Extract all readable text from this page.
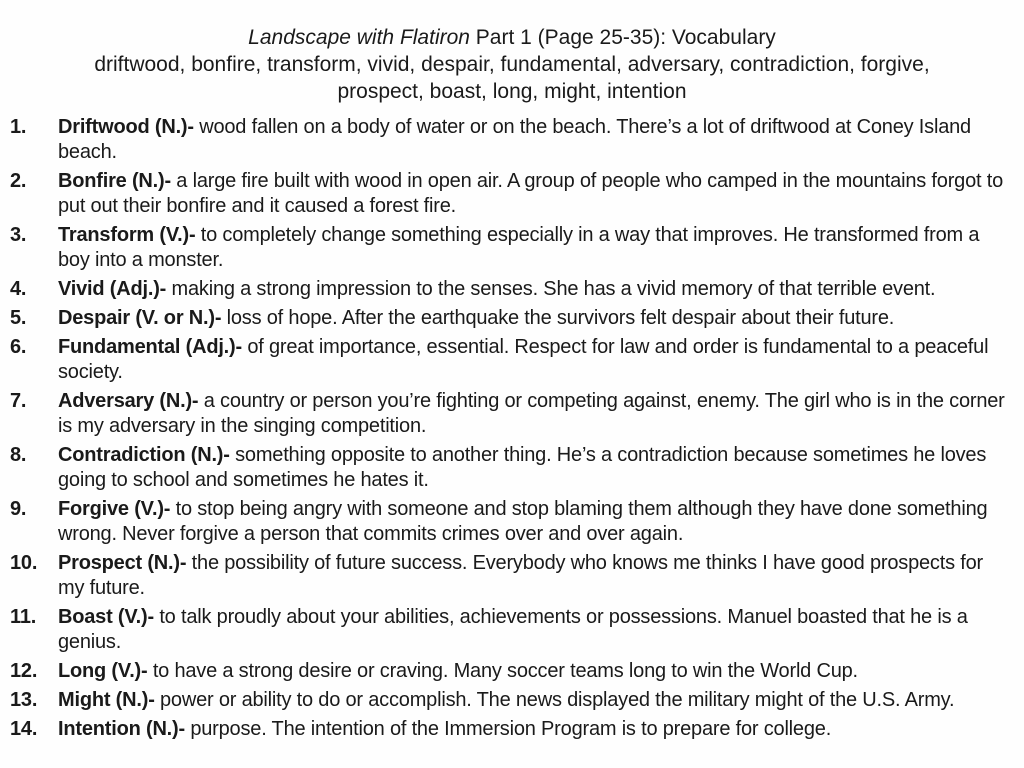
Landscape with Flatiron Part 1 (Page 25-35): Vocabulary

driftwood, bonfire, transform, vivid, despair, fundamental, adversary, contradiction, forgive,

prospect, boast, long, might, intention

1.	Driftwood (N.)- wood fallen on a body of water or on the beach. There’s a lot of driftwood at Coney Island beach.
2.	Bonfire (N.)- a large fire built with wood in open air. A group of people who camped in the mountains forgot to put out their bonfire and it caused a forest fire.
3.	Transform (V.)- to completely change something especially in a way that improves. He transformed from a boy into a monster.
4.	Vivid (Adj.)- making a strong impression to the senses. She has a vivid memory of that terrible event.
5.	Despair (V. or N.)- loss of hope. After the earthquake the survivors felt despair about their future.
6.	Fundamental (Adj.)- of great importance, essential. Respect for law and order is fundamental to a peaceful society.
7.	Adversary (N.)- a country or person you’re fighting or competing against, enemy. The girl who is in the corner is my adversary in the singing competition.
8.	Contradiction (N.)- something opposite to another thing. He’s a contradiction because sometimes he loves going to school and sometimes he hates it.
9.	Forgive (V.)- to stop being angry with someone and stop blaming them although they have done something wrong. Never forgive a person that commits crimes over and over again.
10.	Prospect (N.)- the possibility of future success. Everybody who knows me thinks I have good prospects for my future.
11.	Boast (V.)- to talk proudly about your abilities, achievements or possessions. Manuel boasted that he is a genius.
12.	Long (V.)- to have a strong desire or craving. Many soccer teams long to win the World Cup.
13.	Might (N.)- power or ability to do or accomplish. The news displayed the military might of the U.S. Army.
14.	Intention (N.)- purpose. The intention of the Immersion Program is to prepare for college.
